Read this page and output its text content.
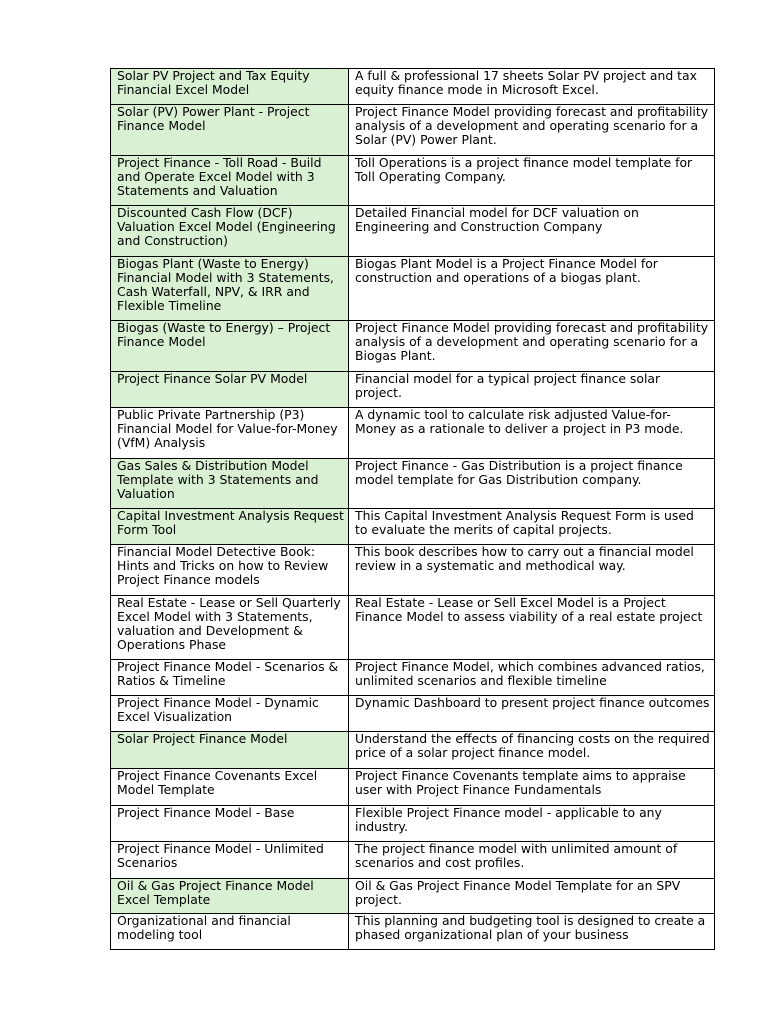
Solar PV Project and Tax Equity Financial Excel Model	A full & professional 17 sheets Solar PV project and tax equity finance mode in Microsoft Excel.
Solar (PV) Power Plant - Project Finance Model	Project Finance Model providing forecast and profitability analysis of a development and operating scenario for a Solar (PV) Power Plant.
Project Finance - Toll Road - Build and Operate Excel Model with 3 Statements and Valuation	Toll Operations is a project finance model template for Toll Operating Company.
Discounted Cash Flow (DCF) Valuation Excel Model (Engineering and Construction)	Detailed Financial model for DCF valuation on Engineering and Construction Company
Biogas Plant (Waste to Energy) Financial Model with 3 Statements, Cash Waterfall, NPV, & IRR and Flexible Timeline	Biogas Plant Model is a Project Finance Model for construction and operations of a biogas plant.
Biogas (Waste to Energy) – Project Finance Model	Project Finance Model providing forecast and profitability analysis of a development and operating scenario for a Biogas Plant.
Project Finance Solar PV Model	Financial model for a typical project finance solar project.
Public Private Partnership (P3) Financial Model for Value-for-Money (VfM) Analysis	A dynamic tool to calculate risk adjusted Value-for-Money as a rationale to deliver a project in P3 mode.
Gas Sales & Distribution Model Template with 3 Statements and Valuation	Project Finance - Gas Distribution is a project finance model template for Gas Distribution company.
Capital Investment Analysis Request Form Tool	This Capital Investment Analysis Request Form is used to evaluate the merits of capital projects.
Financial Model Detective Book: Hints and Tricks on how to Review Project Finance models	This book describes how to carry out a financial model review in a systematic and methodical way.
Real Estate - Lease or Sell Quarterly Excel Model with 3 Statements, valuation and Development & Operations Phase	Real Estate - Lease or Sell Excel Model is a Project Finance Model to assess viability of a real estate project
Project Finance Model - Scenarios & Ratios & Timeline	Project Finance Model, which combines advanced ratios, unlimited scenarios and flexible timeline
Project Finance Model - Dynamic Excel Visualization	Dynamic Dashboard to present project finance outcomes
Solar Project Finance Model	Understand the effects of financing costs on the required price of a solar project finance model.
Project Finance Covenants Excel Model Template	Project Finance Covenants template aims to appraise user with Project Finance Fundamentals
Project Finance Model - Base	Flexible Project Finance model - applicable to any industry.
Project Finance Model - Unlimited Scenarios	The project finance model with unlimited amount of scenarios and cost profiles.
Oil & Gas Project Finance Model Excel Template	Oil & Gas Project Finance Model Template for an SPV project.
Organizational and financial modeling tool	This planning and budgeting tool is designed to create a phased organizational plan of your business
